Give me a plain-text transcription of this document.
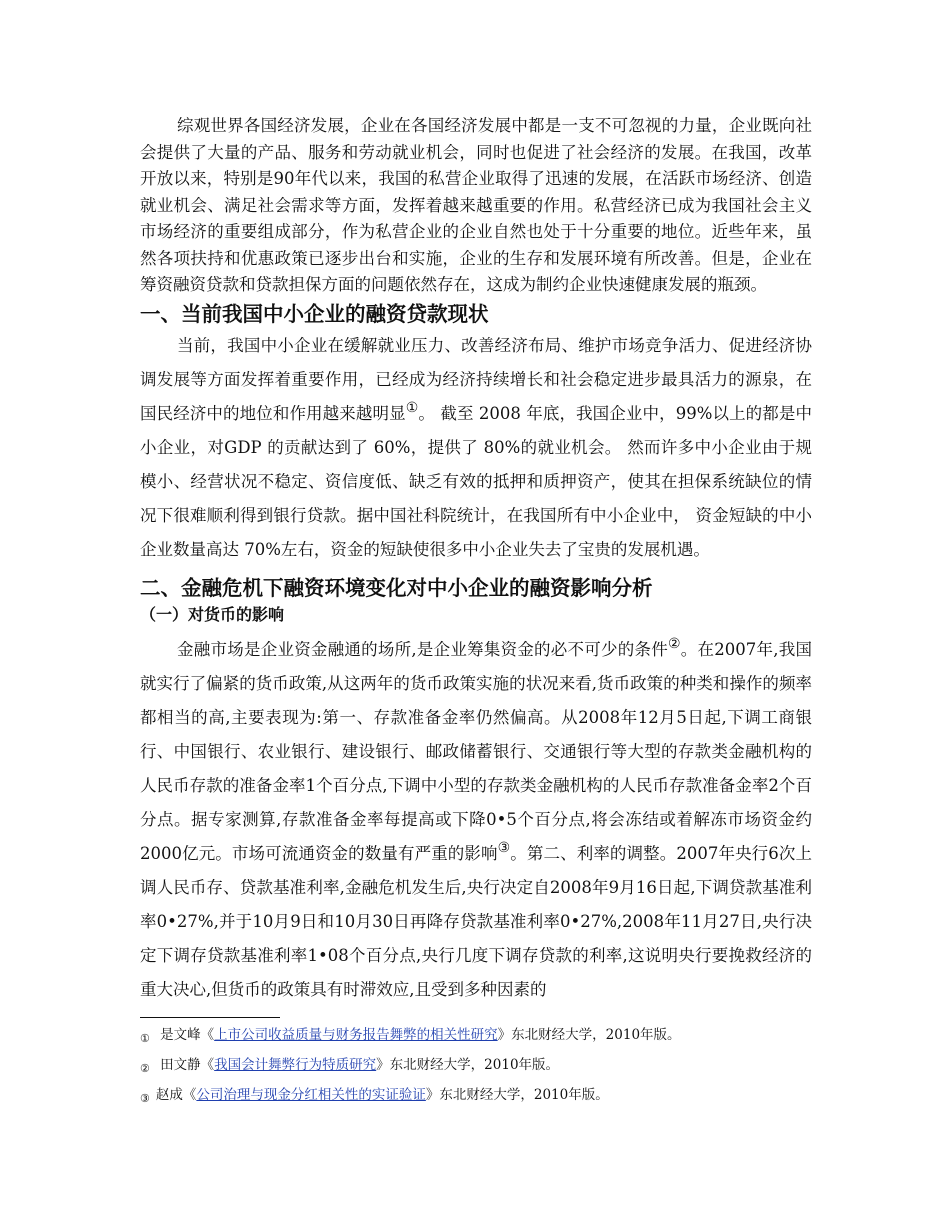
综观世界各国经济发展，企业在各国经济发展中都是一支不可忽视的力量，企业既向社会提供了大量的产品、服务和劳动就业机会，同时也促进了社会经济的发展。在我国，改革开放以来，特别是90年代以来，我国的私营企业取得了迅速的发展，在活跃市场经济、创造就业机会、满足社会需求等方面，发挥着越来越重要的作用。私营经济已成为我国社会主义市场经济的重要组成部分，作为私营企业的企业自然也处于十分重要的地位。近些年来，虽然各项扶持和优惠政策已逐步出台和实施，企业的生存和发展环境有所改善。但是，企业在筹资融资贷款和贷款担保方面的问题依然存在，这成为制约企业快速健康发展的瓶颈。

一、当前我国中小企业的融资贷款现状

当前，我国中小企业在缓解就业压力、改善经济布局、维护市场竞争活力、促进经济协调发展等方面发挥着重要作用，已经成为经济持续增长和社会稳定进步最具活力的源泉，在国民经济中的地位和作用越来越明显①。 截至 2008 年底，我国企业中，99%以上的都是中小企业，对GDP 的贡献达到了 60%，提供了 80%的就业机会。 然而许多中小企业由于规模小、经营状况不稳定、资信度低、缺乏有效的抵押和质押资产，使其在担保系统缺位的情况下很难顺利得到银行贷款。据中国社科院统计，在我国所有中小企业中， 资金短缺的中小企业数量高达 70%左右，资金的短缺使很多中小企业失去了宝贵的发展机遇。

二、金融危机下融资环境变化对中小企业的融资影响分析
（一）对货币的影响

金融市场是企业资金融通的场所,是企业筹集资金的必不可少的条件②。在2007年,我国就实行了偏紧的货币政策,从这两年的货币政策实施的状况来看,货币政策的种类和操作的频率都相当的高,主要表现为:第一、存款准备金率仍然偏高。从2008年12月5日起,下调工商银行、中国银行、农业银行、建设银行、邮政储蓄银行、交通银行等大型的存款类金融机构的人民币存款的准备金率1个百分点,下调中小型的存款类金融机构的人民币存款准备金率2个百分点。据专家测算,存款准备金率每提高或下降0•5个百分点,将会冻结或着解冻市场资金约2000亿元。市场可流通资金的数量有严重的影响③。第二、利率的调整。2007年央行6次上调人民币存、贷款基准利率,金融危机发生后,央行决定自2008年9月16日起,下调贷款基准利率0•27%,并于10月9日和10月30日再降存贷款基准利率0•27%,2008年11月27日,央行决定下调存贷款基准利率1•08个百分点,央行几度下调存贷款的利率,这说明央行要挽救经济的重大决心,但货币的政策具有时滞效应,且受到多种因素的

$_①$ 是文峰《上市公司收益质量与财务报告舞弊的相关性研究》东北财经大学，2010年版。
$_②$ 田文静《我国会计舞弊行为特质研究》东北财经大学，2010年版。
$_③$ 赵成《公司治理与现金分红相关性的实证验证》东北财经大学，2010年版。
